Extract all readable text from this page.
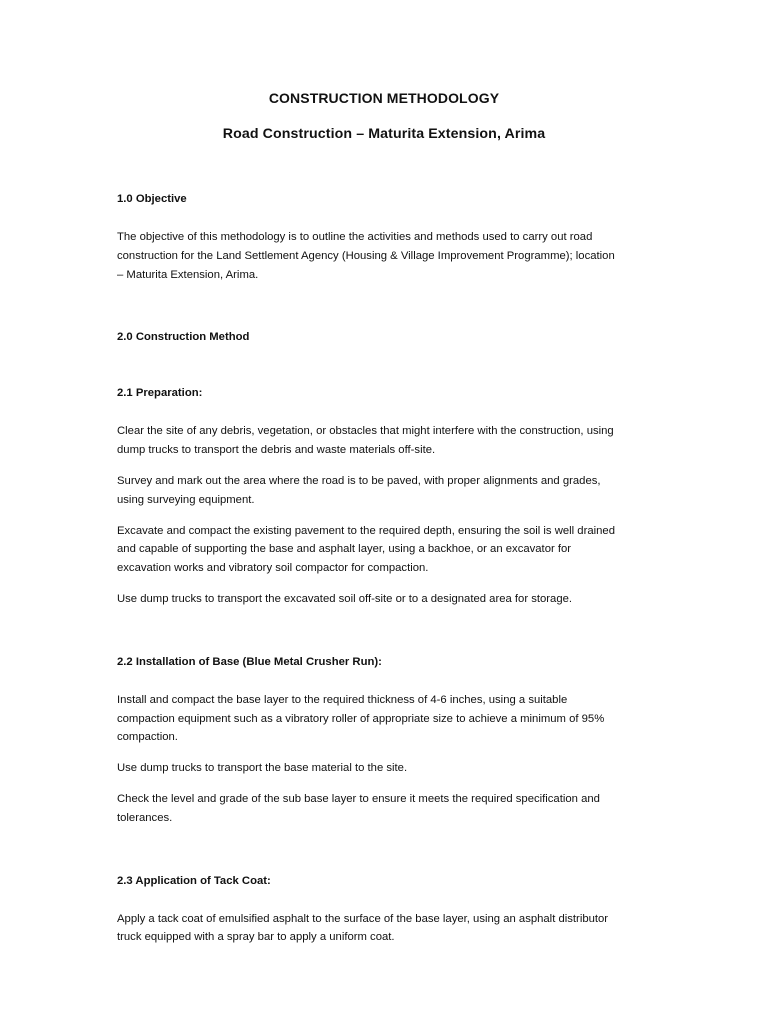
CONSTRUCTION METHODOLOGY
Road Construction – Maturita Extension, Arima
1.0 Objective

The objective of this methodology is to outline the activities and methods used to carry out road
construction for the Land Settlement Agency (Housing & Village Improvement Programme); location
– Maturita Extension, Arima.

2.0 Construction Method
2.1 Preparation:

Clear the site of any debris, vegetation, or obstacles that might interfere with the construction, using
dump trucks to transport the debris and waste materials off-site.

Survey and mark out the area where the road is to be paved, with proper alignments and grades,
using surveying equipment.

Excavate and compact the existing pavement to the required depth, ensuring the soil is well drained
and capable of supporting the base and asphalt layer, using a backhoe, or an excavator for
excavation works and vibratory soil compactor for compaction.

Use dump trucks to transport the excavated soil off-site or to a designated area for storage.

2.2 Installation of Base (Blue Metal Crusher Run):

Install and compact the base layer to the required thickness of 4-6 inches, using a suitable
compaction equipment such as a vibratory roller of appropriate size to achieve a minimum of 95%
compaction.

Use dump trucks to transport the base material to the site.

Check the level and grade of the sub base layer to ensure it meets the required specification and
tolerances.

2.3 Application of Tack Coat:

Apply a tack coat of emulsified asphalt to the surface of the base layer, using an asphalt distributor
truck equipped with a spray bar to apply a uniform coat.
